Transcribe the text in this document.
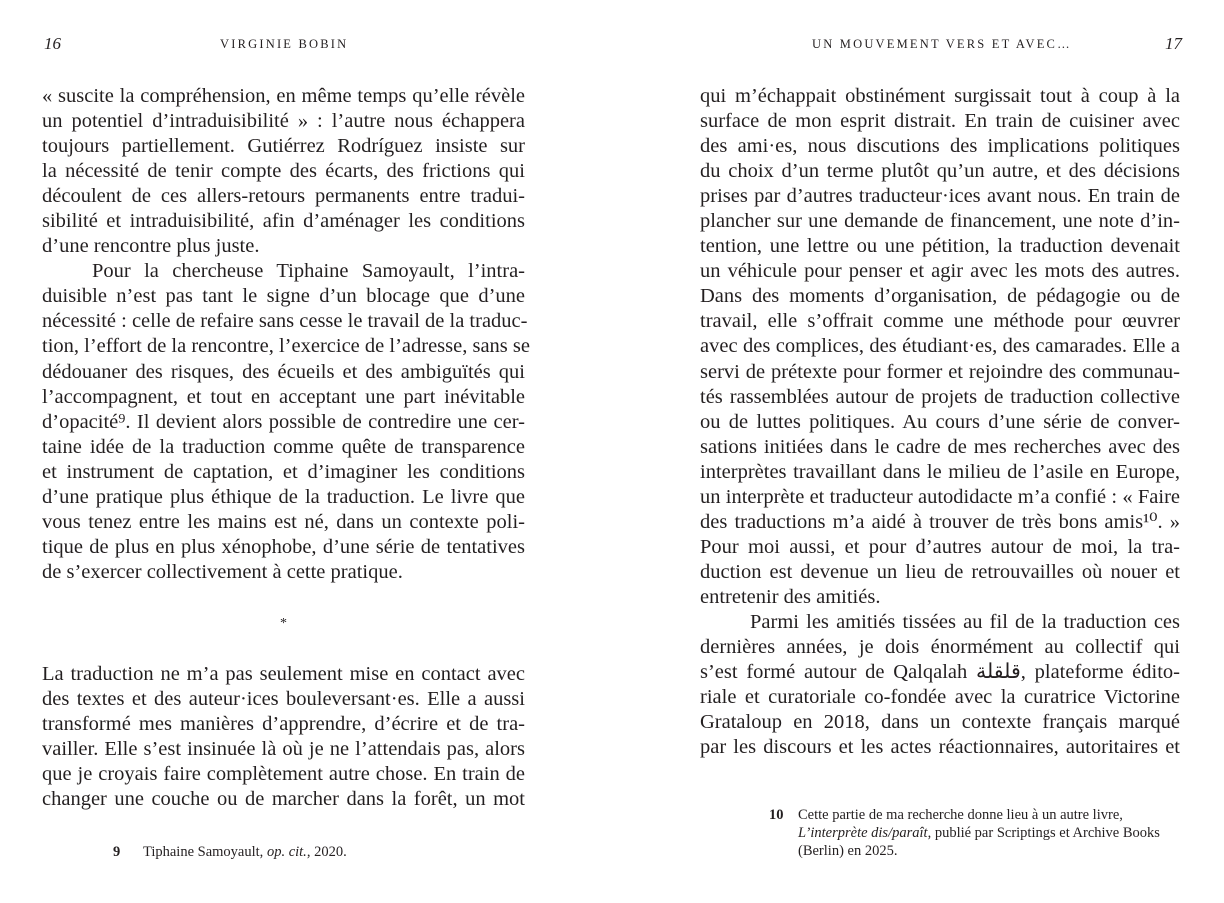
16	VIRGINIE BOBIN
« suscite la compréhension, en même temps qu’elle révèle
un potentiel d’intraduisibilité » : l’autre nous échappera
toujours partiellement. Gutiérrez Rodríguez insiste sur
la nécessité de tenir compte des écarts, des frictions qui
découlent de ces allers-retours permanents entre tradui-
sibilité et intraduisibilité, afin d’aménager les conditions
d’une rencontre plus juste.
Pour la chercheuse Tiphaine Samoyault, l’intra-
duisible n’est pas tant le signe d’un blocage que d’une
nécessité : celle de refaire sans cesse le travail de la traduc-
tion, l’effort de la rencontre, l’exercice de l’adresse, sans se
dédouaner des risques, des écueils et des ambiguïtés qui
l’accompagnent, et tout en acceptant une part inévitable
d’opacité⁹. Il devient alors possible de contredire une cer-
taine idée de la traduction comme quête de transparence
et instrument de captation, et d’imaginer les conditions
d’une pratique plus éthique de la traduction. Le livre que
vous tenez entre les mains est né, dans un contexte poli-
tique de plus en plus xénophobe, d’une série de tentatives
de s’exercer collectivement à cette pratique.
*
La traduction ne m’a pas seulement mise en contact avec
des textes et des auteur·ices bouleversant·es. Elle a aussi
transformé mes manières d’apprendre, d’écrire et de tra-
vailler. Elle s’est insinuée là où je ne l’attendais pas, alors
que je croyais faire complètement autre chose. En train de
changer une couche ou de marcher dans la forêt, un mot
9 Tiphaine Samoyault, op. cit., 2020.
UN MOUVEMENT VERS ET AVEC…	17
qui m’échappait obstinément surgissait tout à coup à la
surface de mon esprit distrait. En train de cuisiner avec
des ami·es, nous discutions des implications politiques
du choix d’un terme plutôt qu’un autre, et des décisions
prises par d’autres traducteur·ices avant nous. En train de
plancher sur une demande de financement, une note d’in-
tention, une lettre ou une pétition, la traduction devenait
un véhicule pour penser et agir avec les mots des autres.
Dans des moments d’organisation, de pédagogie ou de
travail, elle s’offrait comme une méthode pour œuvrer
avec des complices, des étudiant·es, des camarades. Elle a
servi de prétexte pour former et rejoindre des communau-
tés rassemblées autour de projets de traduction collective
ou de luttes politiques. Au cours d’une série de conver-
sations initiées dans le cadre de mes recherches avec des
interprètes travaillant dans le milieu de l’asile en Europe,
un interprète et traducteur autodidacte m’a confié : « Faire
des traductions m’a aidé à trouver de très bons amis¹⁰. »
Pour moi aussi, et pour d’autres autour de moi, la tra-
duction est devenue un lieu de retrouvailles où nouer et
entretenir des amitiés.
Parmi les amitiés tissées au fil de la traduction ces
dernières années, je dois énormément au collectif qui
s’est formé autour de Qalqalah قلقلة, plateforme édito-
riale et curatoriale co-fondée avec la curatrice Victorine
Grataloup en 2018, dans un contexte français marqué
par les discours et les actes réactionnaires, autoritaires et
10 Cette partie de ma recherche donne lieu à un autre livre,
L’interprète dis/paraît, publié par Scriptings et Archive Books
(Berlin) en 2025.
